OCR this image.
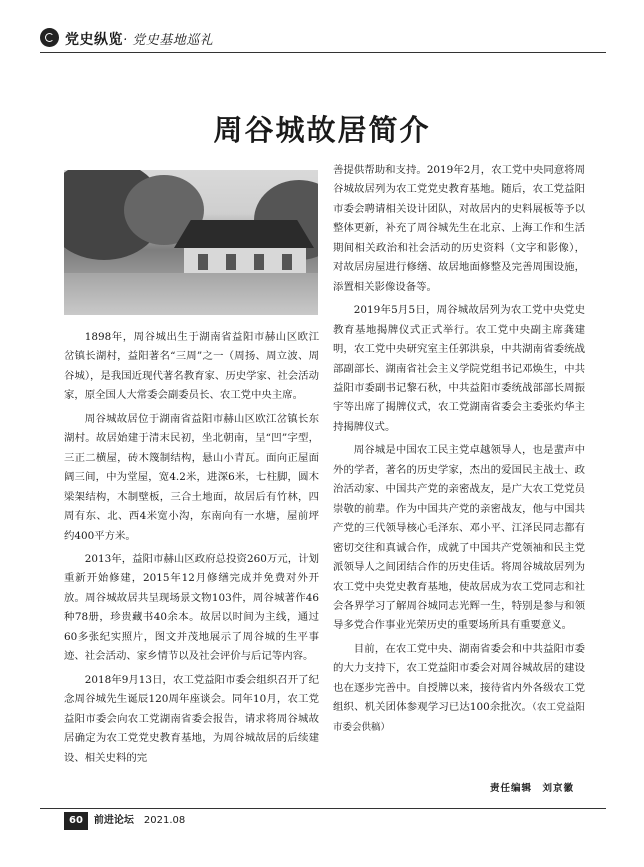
党史纵览· 党史基地巡礼
周谷城故居简介

1898年，周谷城出生于湖南省益阳市赫山区欧江岔镇长湖村，益阳著名“三周”之一（周扬、周立波、周谷城），是我国近现代著名教育家、历史学家、社会活动家，原全国人大常委会副委员长、农工党中央主席。

周谷城故居位于湖南省益阳市赫山区欧江岔镇长东湖村。故居始建于清末民初，坐北朝南，呈“凹”字型，三正二横屋，砖木篾制结构，悬山小青瓦。面向正屋面阔三间，中为堂屋，宽4.2米，进深6米，七柱脚，圆木梁架结构，木制壁板，三合土地面，故居后有竹林，四周有东、北、西4米宽小沟，东南向有一水塘，屋前坪约400平方米。

2013年，益阳市赫山区政府总投资260万元，计划重新开始修建，2015年12月修缮完成并免费对外开放。周谷城故居共呈现场景文物103件，周谷城著作46种78册，珍贵藏书40余本。故居以时间为主线，通过60多张纪实照片，图文并茂地展示了周谷城的生平事迹、社会活动、家乡情节以及社会评价与后记等内容。

2018年9月13日，农工党益阳市委会组织召开了纪念周谷城先生诞辰120周年座谈会。同年10月，农工党益阳市委会向农工党湖南省委会报告，请求将周谷城故居确定为农工党党史教育基地，为周谷城故居的后续建设、相关史料的完

善提供帮助和支持。2019年2月，农工党中央同意将周谷城故居列为农工党党史教育基地。随后，农工党益阳市委会聘请相关设计团队，对故居内的史料展板等予以整体更新，补充了周谷城先生在北京、上海工作和生活期间相关政治和社会活动的历史资料（文字和影像），对故居房屋进行修缮、故居地面修整及完善周围设施，添置相关影像设备等。

2019年5月5日，周谷城故居列为农工党中央党史教育基地揭牌仪式正式举行。农工党中央副主席龚建明，农工党中央研究室主任郭洪泉，中共湖南省委统战部副部长、湖南省社会主义学院党组书记邓焕生，中共益阳市委副书记黎石秋，中共益阳市委统战部部长周振宇等出席了揭牌仪式，农工党湖南省委会主委张灼华主持揭牌仪式。

周谷城是中国农工民主党卓越领导人，也是蜚声中外的学者，著名的历史学家，杰出的爱国民主战士、政治活动家、中国共产党的亲密战友，是广大农工党党员崇敬的前辈。作为中国共产党的亲密战友，他与中国共产党的三代领导核心毛泽东、邓小平、江泽民同志都有密切交往和真诚合作，成就了中国共产党领袖和民主党派领导人之间团结合作的历史佳话。将周谷城故居列为农工党中央党史教育基地，使故居成为农工党同志和社会各界学习了解周谷城同志光辉一生，特别是参与和领导多党合作事业光荣历史的重要场所具有重要意义。

目前，在农工党中央、湖南省委会和中共益阳市委的大力支持下，农工党益阳市委会对周谷城故居的建设也在逐步完善中。自授牌以来，接待省内外各级农工党组织、机关团体参观学习已达100余批次。（农工党益阳市委会供稿）

责任编辑　刘京徽
60 前进论坛 2021.08
